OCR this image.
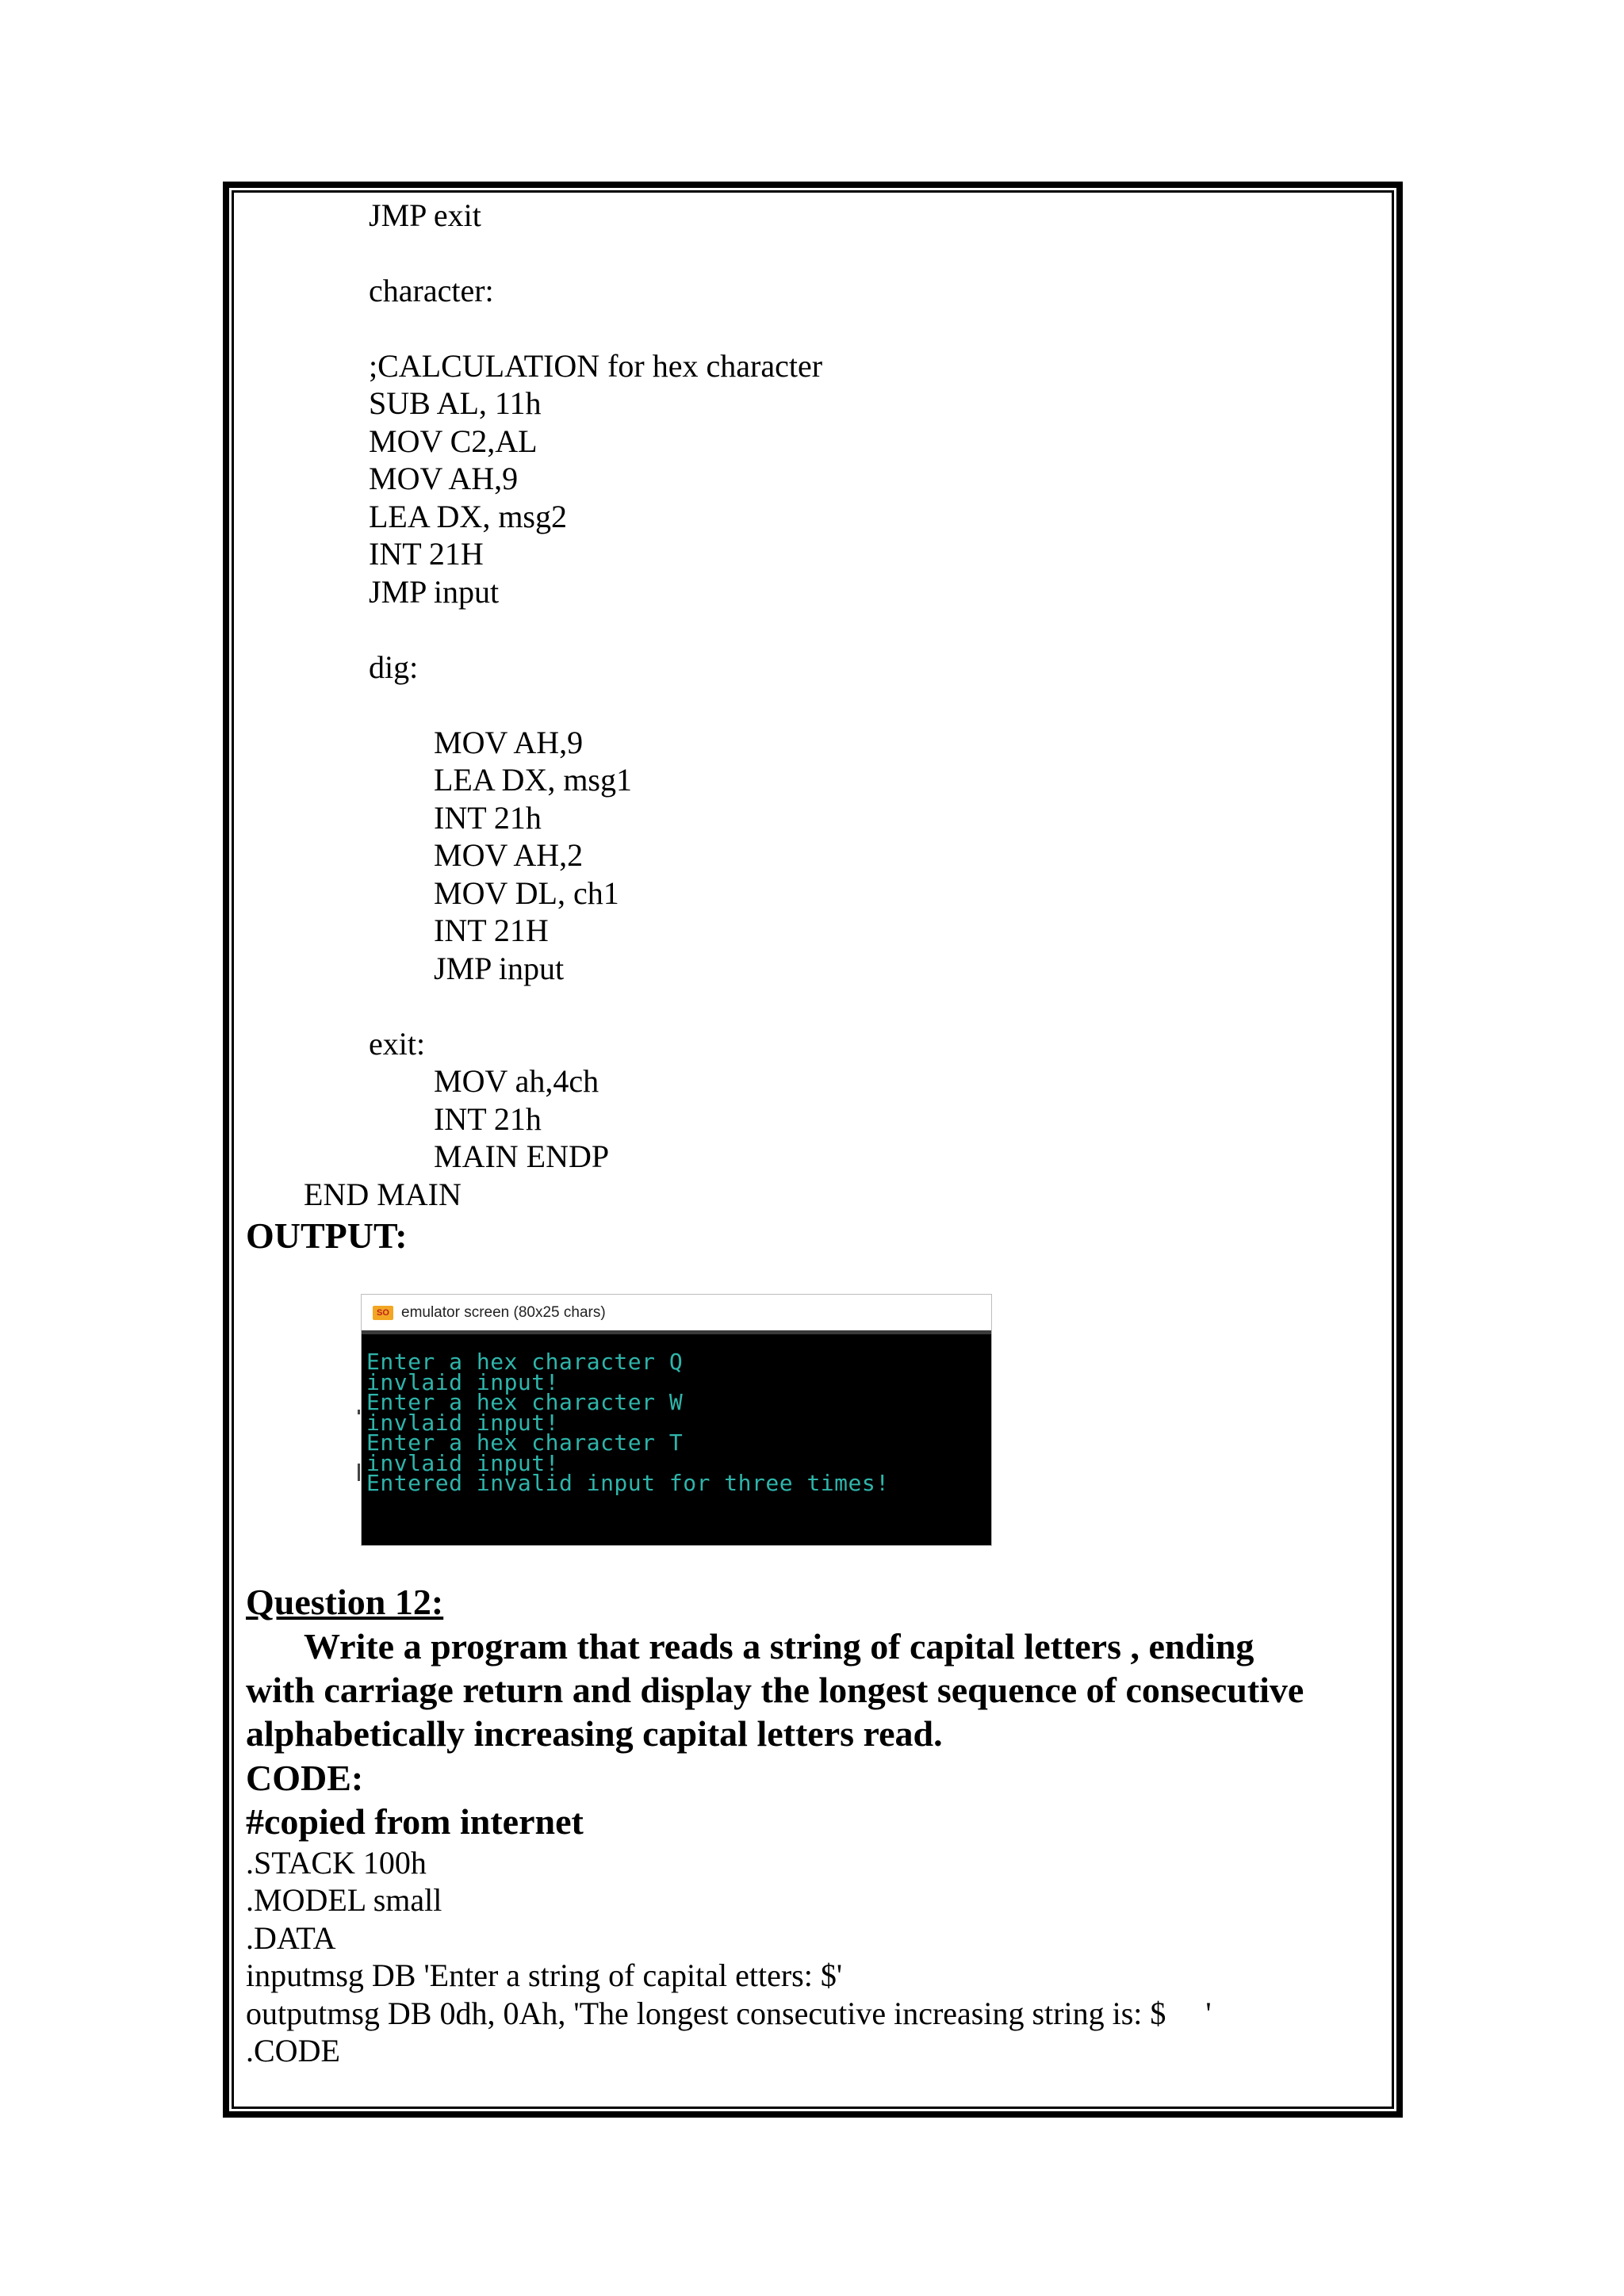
JMP exit
character:
;CALCULATION for hex character
SUB AL, 11h
MOV C2,AL
MOV AH,9
LEA DX, msg2
INT 21H
JMP input
dig:
MOV AH,9
LEA DX, msg1
INT 21h
MOV AH,2
MOV DL, ch1
INT 21H
JMP input
exit:
MOV ah,4ch
INT 21h
MAIN ENDP
END MAIN
OUTPUT:
SO emulator screen (80x25 chars)
Enter a hex character Q
invlaid input!
Enter a hex character W
invlaid input!
Enter a hex character T
invlaid input!
Entered invalid input for three times!
Question 12:
Write a program that reads a string of capital letters , ending
with carriage return and display the longest sequence of consecutive
alphabetically increasing capital letters read.
CODE:
#copied from internet
.STACK 100h
.MODEL small
.DATA
inputmsg DB 'Enter a string of capital etters: $'
outputmsg DB 0dh, 0Ah, 'The longest consecutive increasing string is: $     '
.CODE
